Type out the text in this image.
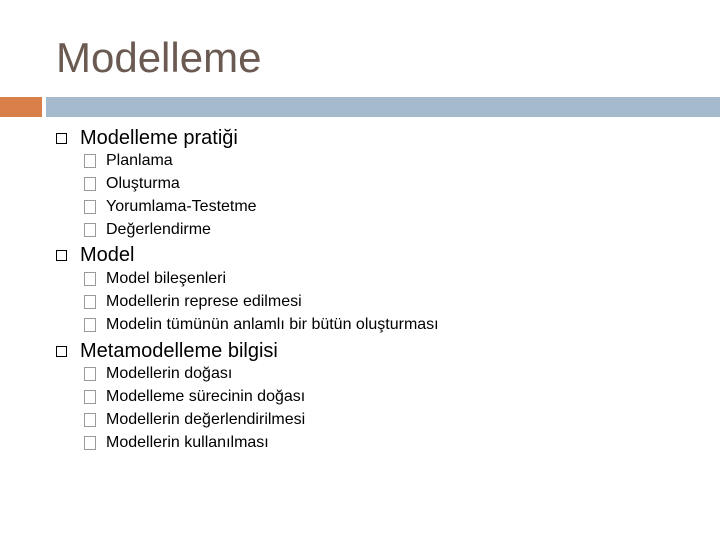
Modelleme
Modelleme pratiği
Planlama
Oluşturma
Yorumlama-Testetme
Değerlendirme
Model
Model bileşenleri
Modellerin represe edilmesi
Modelin tümünün anlamlı bir bütün oluşturması
Metamodelleme bilgisi
Modellerin doğası
Modelleme sürecinin doğası
Modellerin değerlendirilmesi
Modellerin kullanılması
